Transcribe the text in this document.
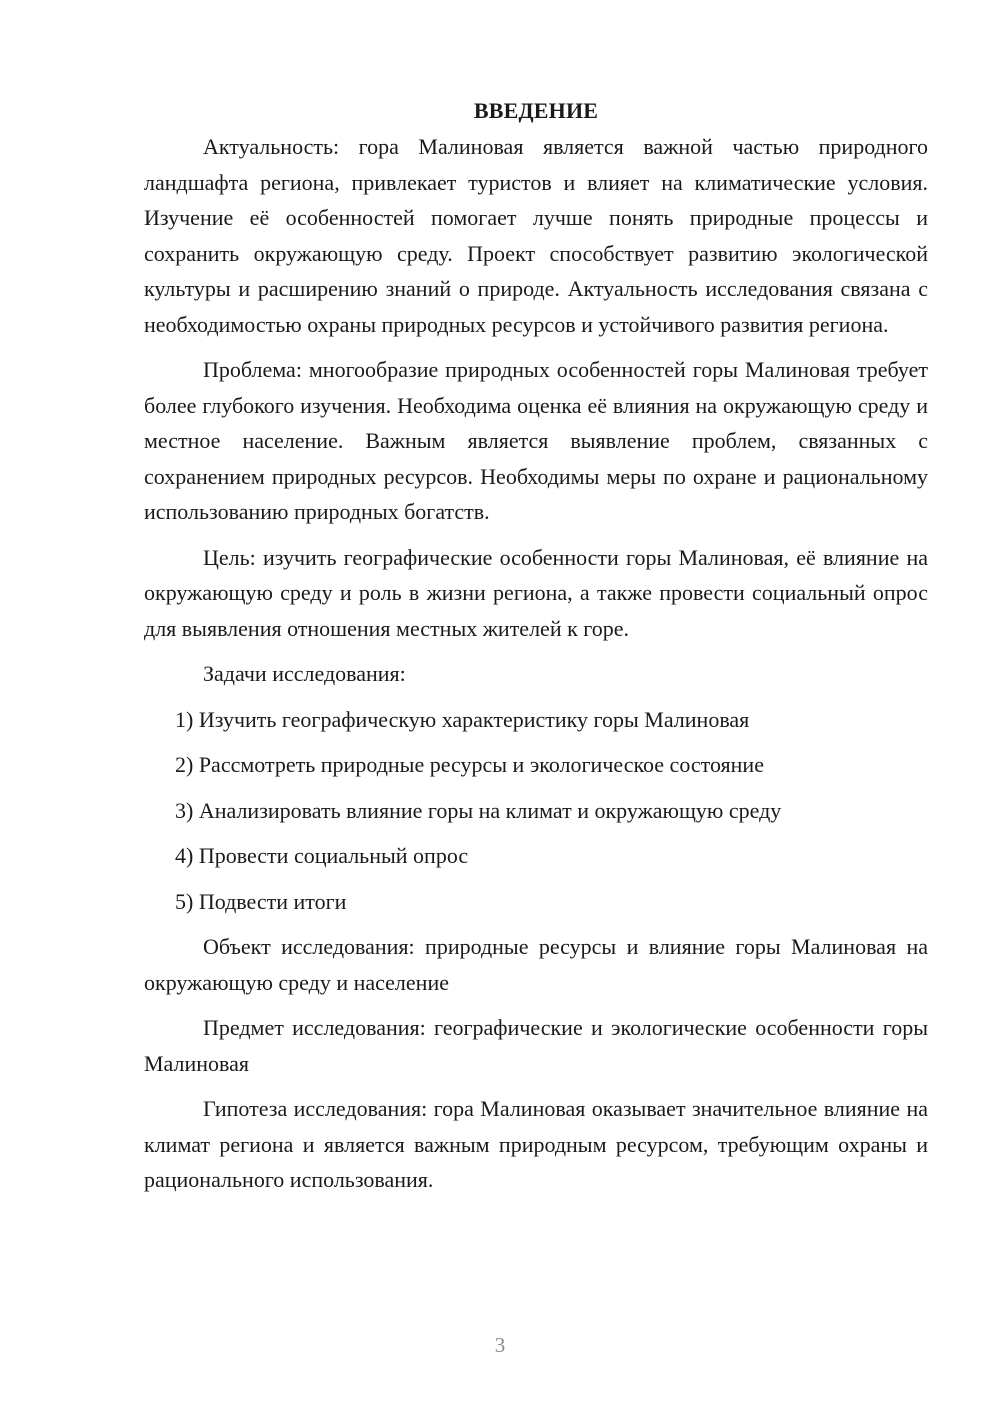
ВВЕДЕНИЕ

Актуальность: гора Малиновая является важной частью природного ландшафта региона, привлекает туристов и влияет на климатические условия. Изучение её особенностей помогает лучше понять природные процессы и сохранить окружающую среду. Проект способствует развитию экологической культуры и расширению знаний о природе. Актуальность исследования связана с необходимостью охраны природных ресурсов и устойчивого развития региона.

Проблема: многообразие природных особенностей горы Малиновая требует более глубокого изучения. Необходима оценка её влияния на окружающую среду и местное население. Важным является выявление проблем, связанных с сохранением природных ресурсов. Необходимы меры по охране и рациональному использованию природных богатств.

Цель: изучить географические особенности горы Малиновая, её влияние на окружающую среду и роль в жизни региона, а также провести социальный опрос для выявления отношения местных жителей к горе.

Задачи исследования:

1) Изучить географическую характеристику горы Малиновая
2) Рассмотреть природные ресурсы и экологическое состояние
3) Анализировать влияние горы на климат и окружающую среду
4) Провести социальный опрос
5) Подвести итоги

Объект исследования: природные ресурсы и влияние горы Малиновая на окружающую среду и население

Предмет исследования: географические и экологические особенности горы Малиновая

Гипотеза исследования: гора Малиновая оказывает значительное влияние на климат региона и является важным природным ресурсом, требующим охраны и рационального использования.

3
